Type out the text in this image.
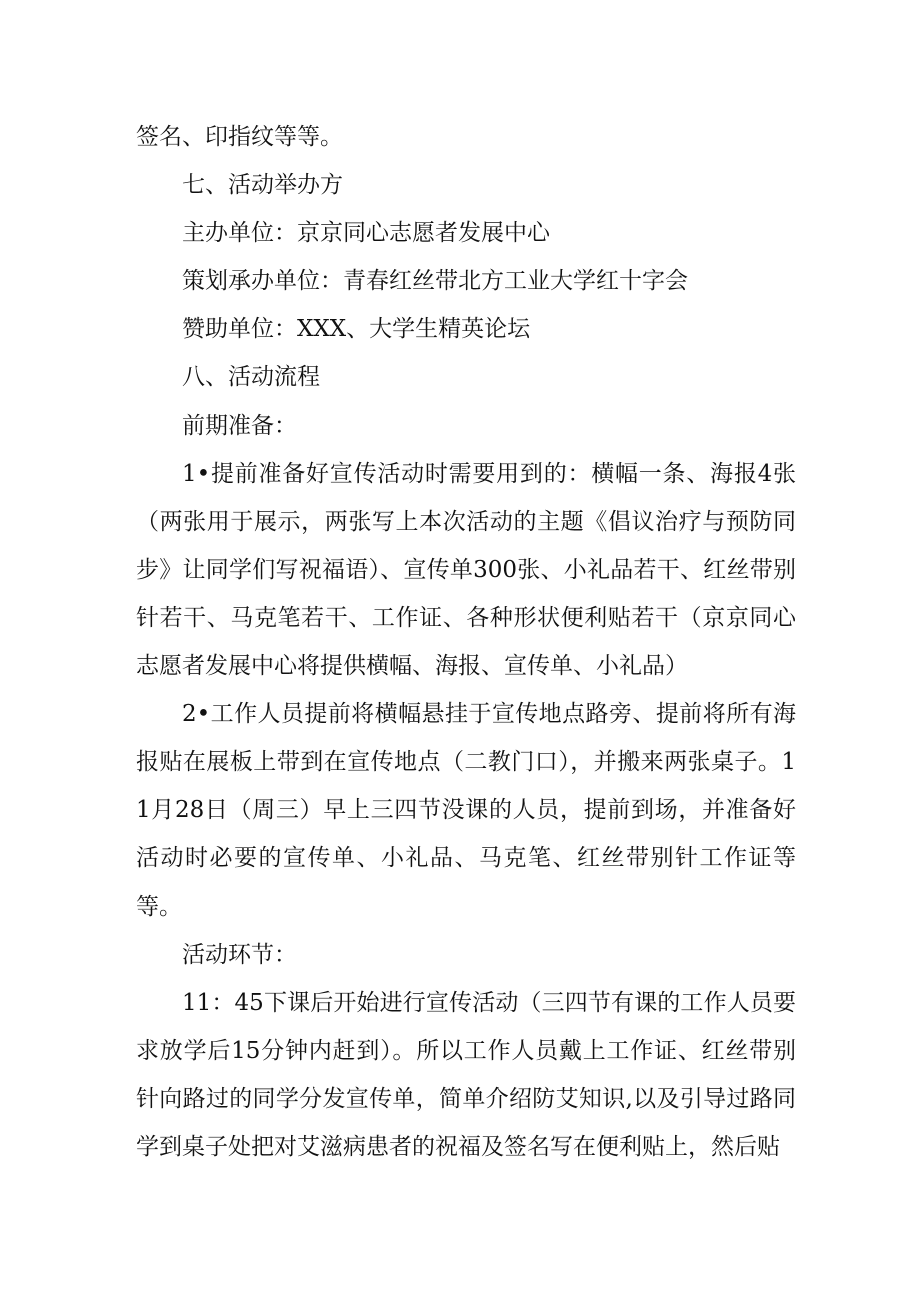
签名、印指纹等等。

七、活动举办方

主办单位：京京同心志愿者发展中心

策划承办单位：青春红丝带北方工业大学红十字会

赞助单位：XXX、大学生精英论坛

八、活动流程

前期准备：

1•提前准备好宣传活动时需要用到的：横幅一条、海报4张（两张用于展示，两张写上本次活动的主题《倡议治疗与预防同步》让同学们写祝福语）、宣传单300张、小礼品若干、红丝带别针若干、马克笔若干、工作证、各种形状便利贴若干（京京同心志愿者发展中心将提供横幅、海报、宣传单、小礼品）

2•工作人员提前将横幅悬挂于宣传地点路旁、提前将所有海报贴在展板上带到在宣传地点（二教门口），并搬来两张桌子。11月28日（周三）早上三四节没课的人员，提前到场，并准备好活动时必要的宣传单、小礼品、马克笔、红丝带别针工作证等等。

活动环节：

11：45下课后开始进行宣传活动（三四节有课的工作人员要求放学后15分钟内赶到）。所以工作人员戴上工作证、红丝带别针向路过的同学分发宣传单，简单介绍防艾知识,以及引导过路同学到桌子处把对艾滋病患者的祝福及签名写在便利贴上，然后贴
